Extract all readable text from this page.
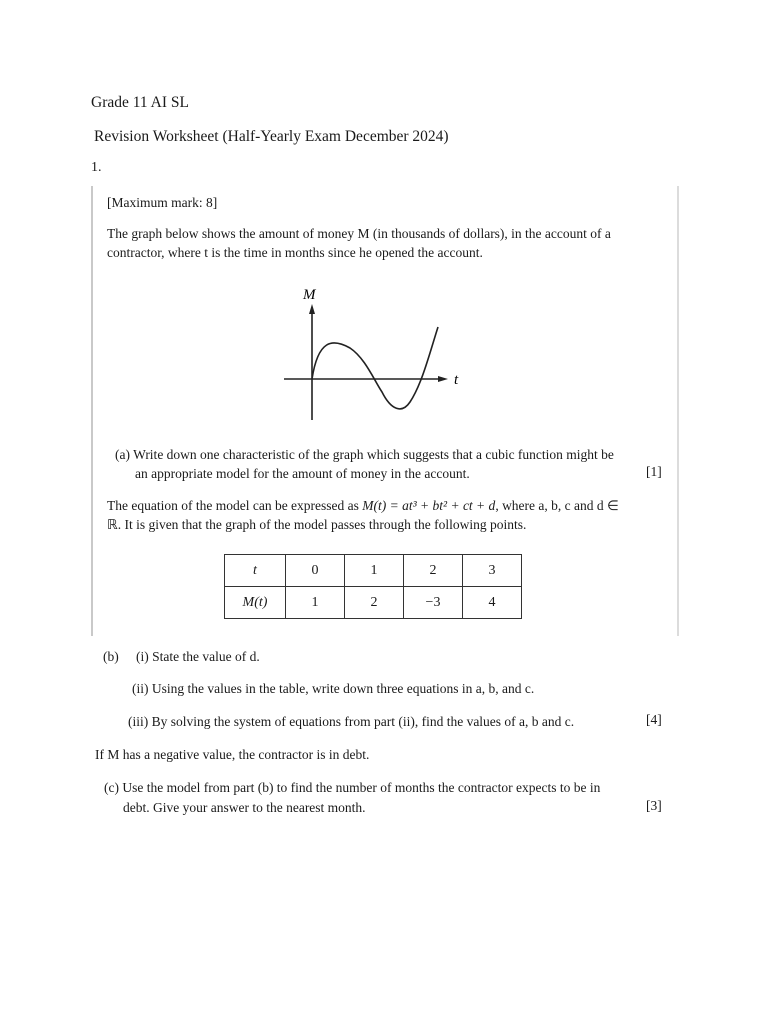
Grade 11 AI SL
Revision Worksheet (Half-Yearly Exam December 2024)
1.
[Maximum mark: 8]
The graph below shows the amount of money M (in thousands of dollars), in the account of a
contractor, where t is the time in months since he opened the account.
M
t
(a) Write down one characteristic of the graph which suggests that a cubic function might be
an appropriate model for the amount of money in the account.	[1]
The equation of the model can be expressed as M(t) = at³ + bt² + ct + d, where a, b, c and d ∈
ℝ. It is given that the graph of the model passes through the following points.
t	0	1	2	3
M(t)	1	2	−3	4
(b) (i) State the value of d.
(ii) Using the values in the table, write down three equations in a, b, and c.
(iii) By solving the system of equations from part (ii), find the values of a, b and c.	[4]
If M has a negative value, the contractor is in debt.
(c) Use the model from part (b) to find the number of months the contractor expects to be in
debt. Give your answer to the nearest month.	[3]
